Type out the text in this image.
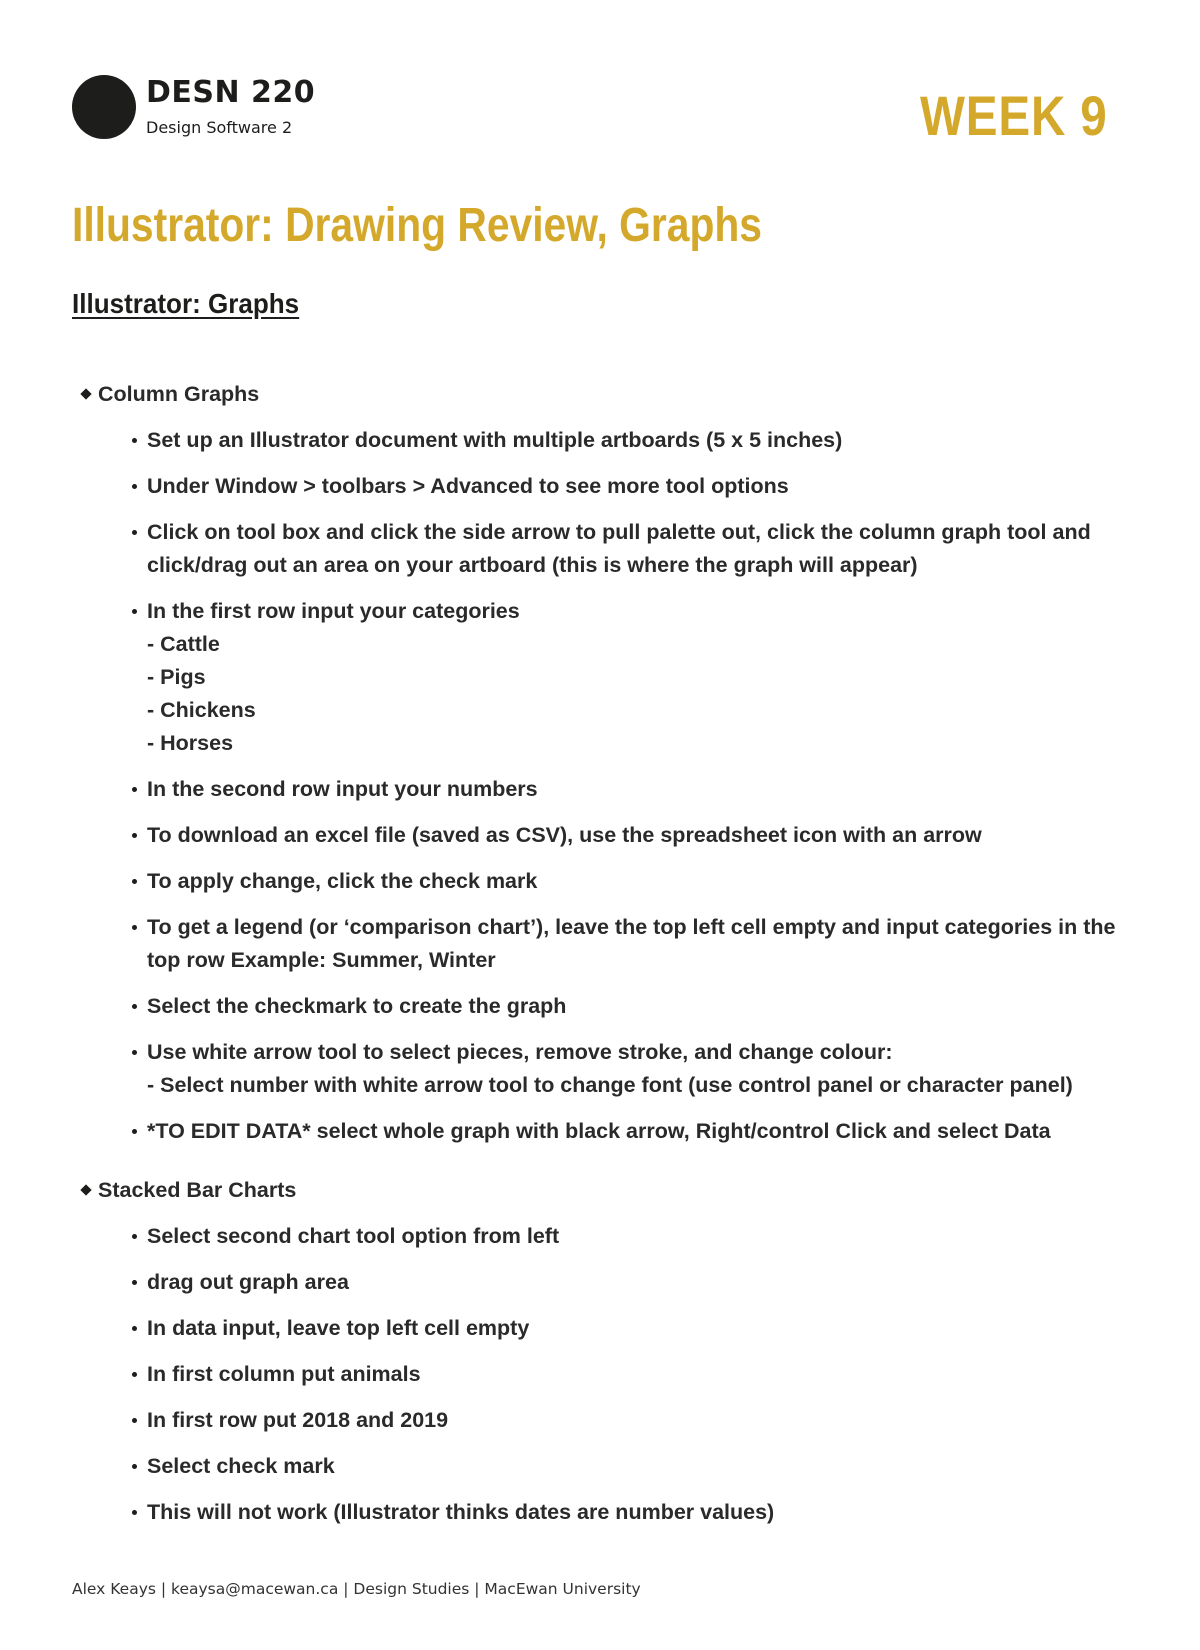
DESN 220
Design Software 2	WEEK 9
Illustrator: Drawing Review, Graphs
Illustrator: Graphs

Column Graphs

Set up an Illustrator document with multiple artboards (5 x 5 inches)
Under Window > toolbars > Advanced to see more tool options
Click on tool box and click the side arrow to pull palette out, click the column graph tool and click/drag out an area on your artboard (this is where the graph will appear)
In the first row input your categories
- Cattle
- Pigs
- Chickens
- Horses
In the second row input your numbers
To download an excel file (saved as CSV), use the spreadsheet icon with an arrow
To apply change, click the check mark
To get a legend (or ‘comparison chart’), leave the top left cell empty and input categories in the top row Example: Summer, Winter
Select the checkmark to create the graph
Use white arrow tool to select pieces, remove stroke, and change colour:
- Select number with white arrow tool to change font (use control panel or character panel)
*TO EDIT DATA* select whole graph with black arrow, Right/control Click and select Data

Stacked Bar Charts

Select second chart tool option from left
drag out graph area
In data input, leave top left cell empty
In first column put animals
In first row put 2018 and 2019
Select check mark
This will not work (Illustrator thinks dates are number values)
Alex Keays | keaysa@macewan.ca | Design Studies | MacEwan University
